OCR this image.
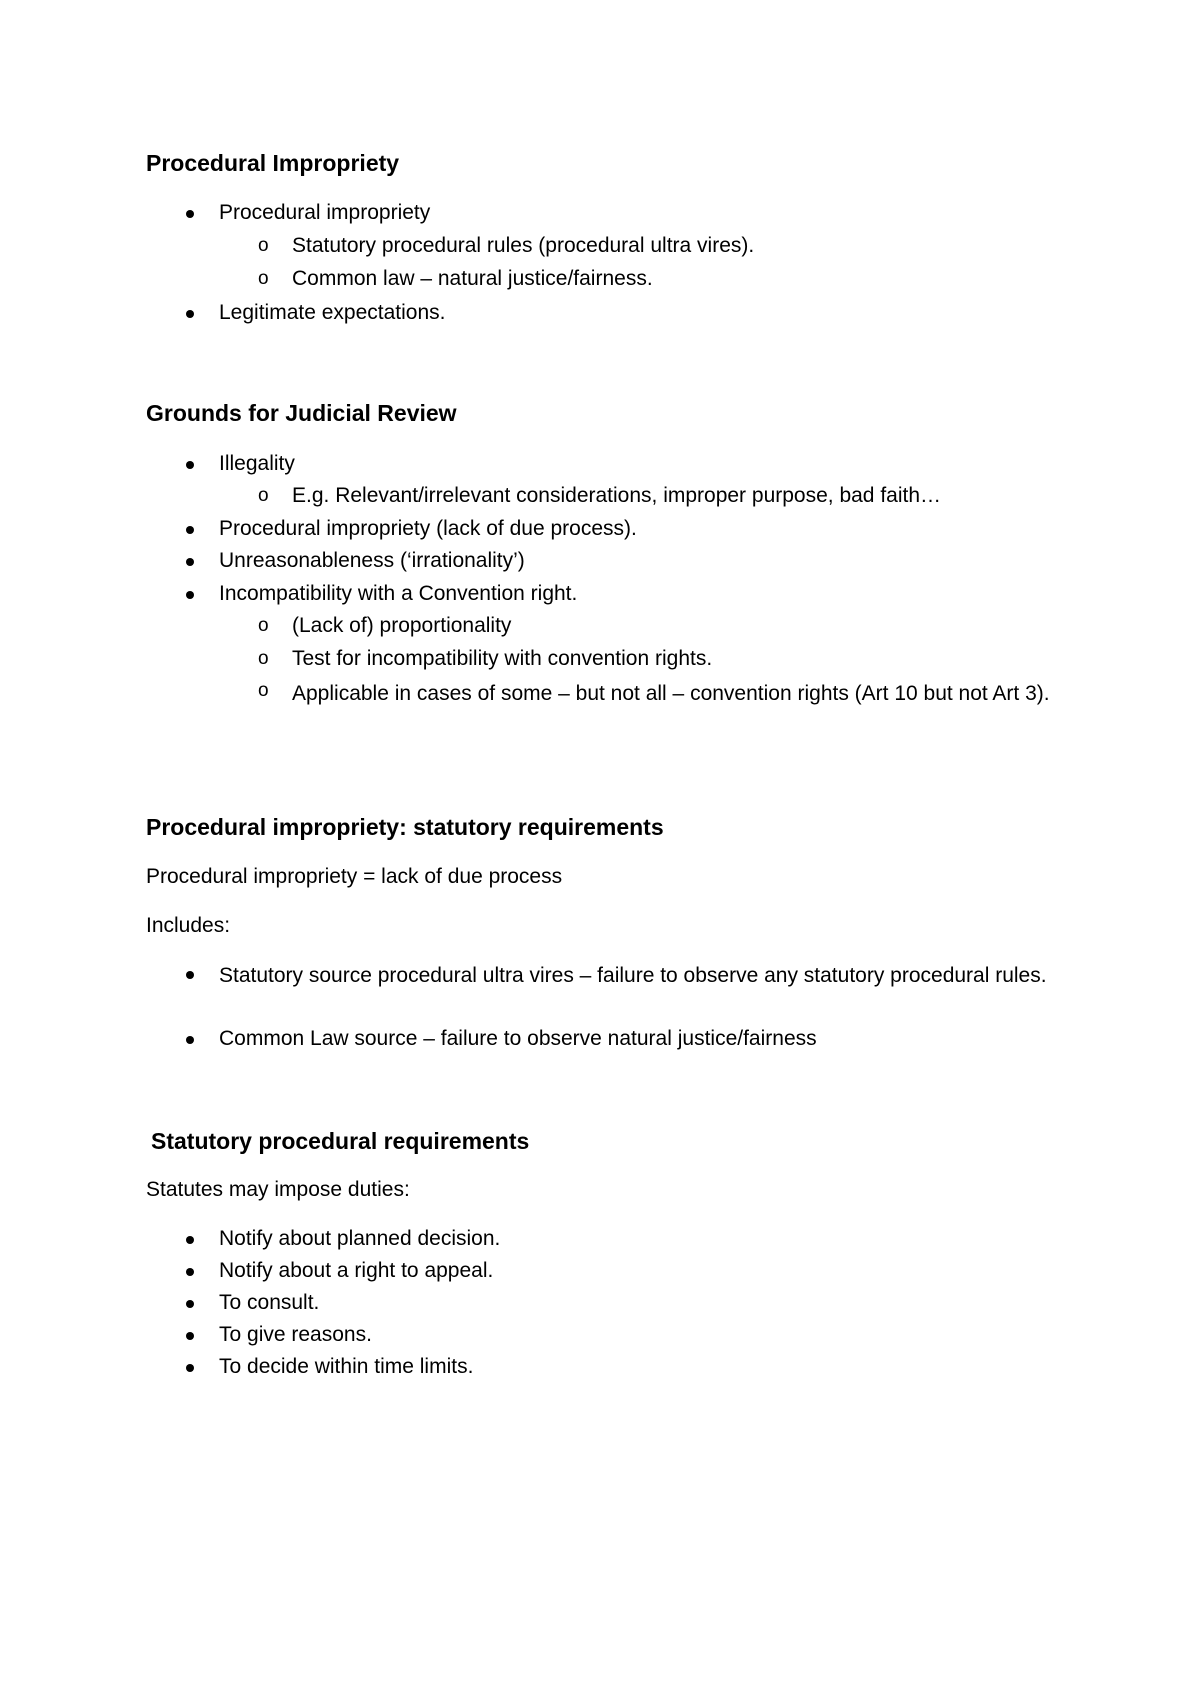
Procedural Impropriety
Procedural impropriety
o Statutory procedural rules (procedural ultra vires).
o Common law – natural justice/fairness.
Legitimate expectations.
Grounds for Judicial Review
Illegality
o E.g. Relevant/irrelevant considerations, improper purpose, bad faith…
Procedural impropriety (lack of due process).
Unreasonableness (‘irrationality’)
Incompatibility with a Convention right.
o (Lack of) proportionality
o Test for incompatibility with convention rights.
o Applicable in cases of some – but not all – convention rights (Art 10 but not Art 3).
Procedural impropriety: statutory requirements
Procedural impropriety = lack of due process
Includes:
Statutory source procedural ultra vires – failure to observe any statutory procedural rules.
Common Law source – failure to observe natural justice/fairness
Statutory procedural requirements
Statutes may impose duties:
Notify about planned decision.
Notify about a right to appeal.
To consult.
To give reasons.
To decide within time limits.
